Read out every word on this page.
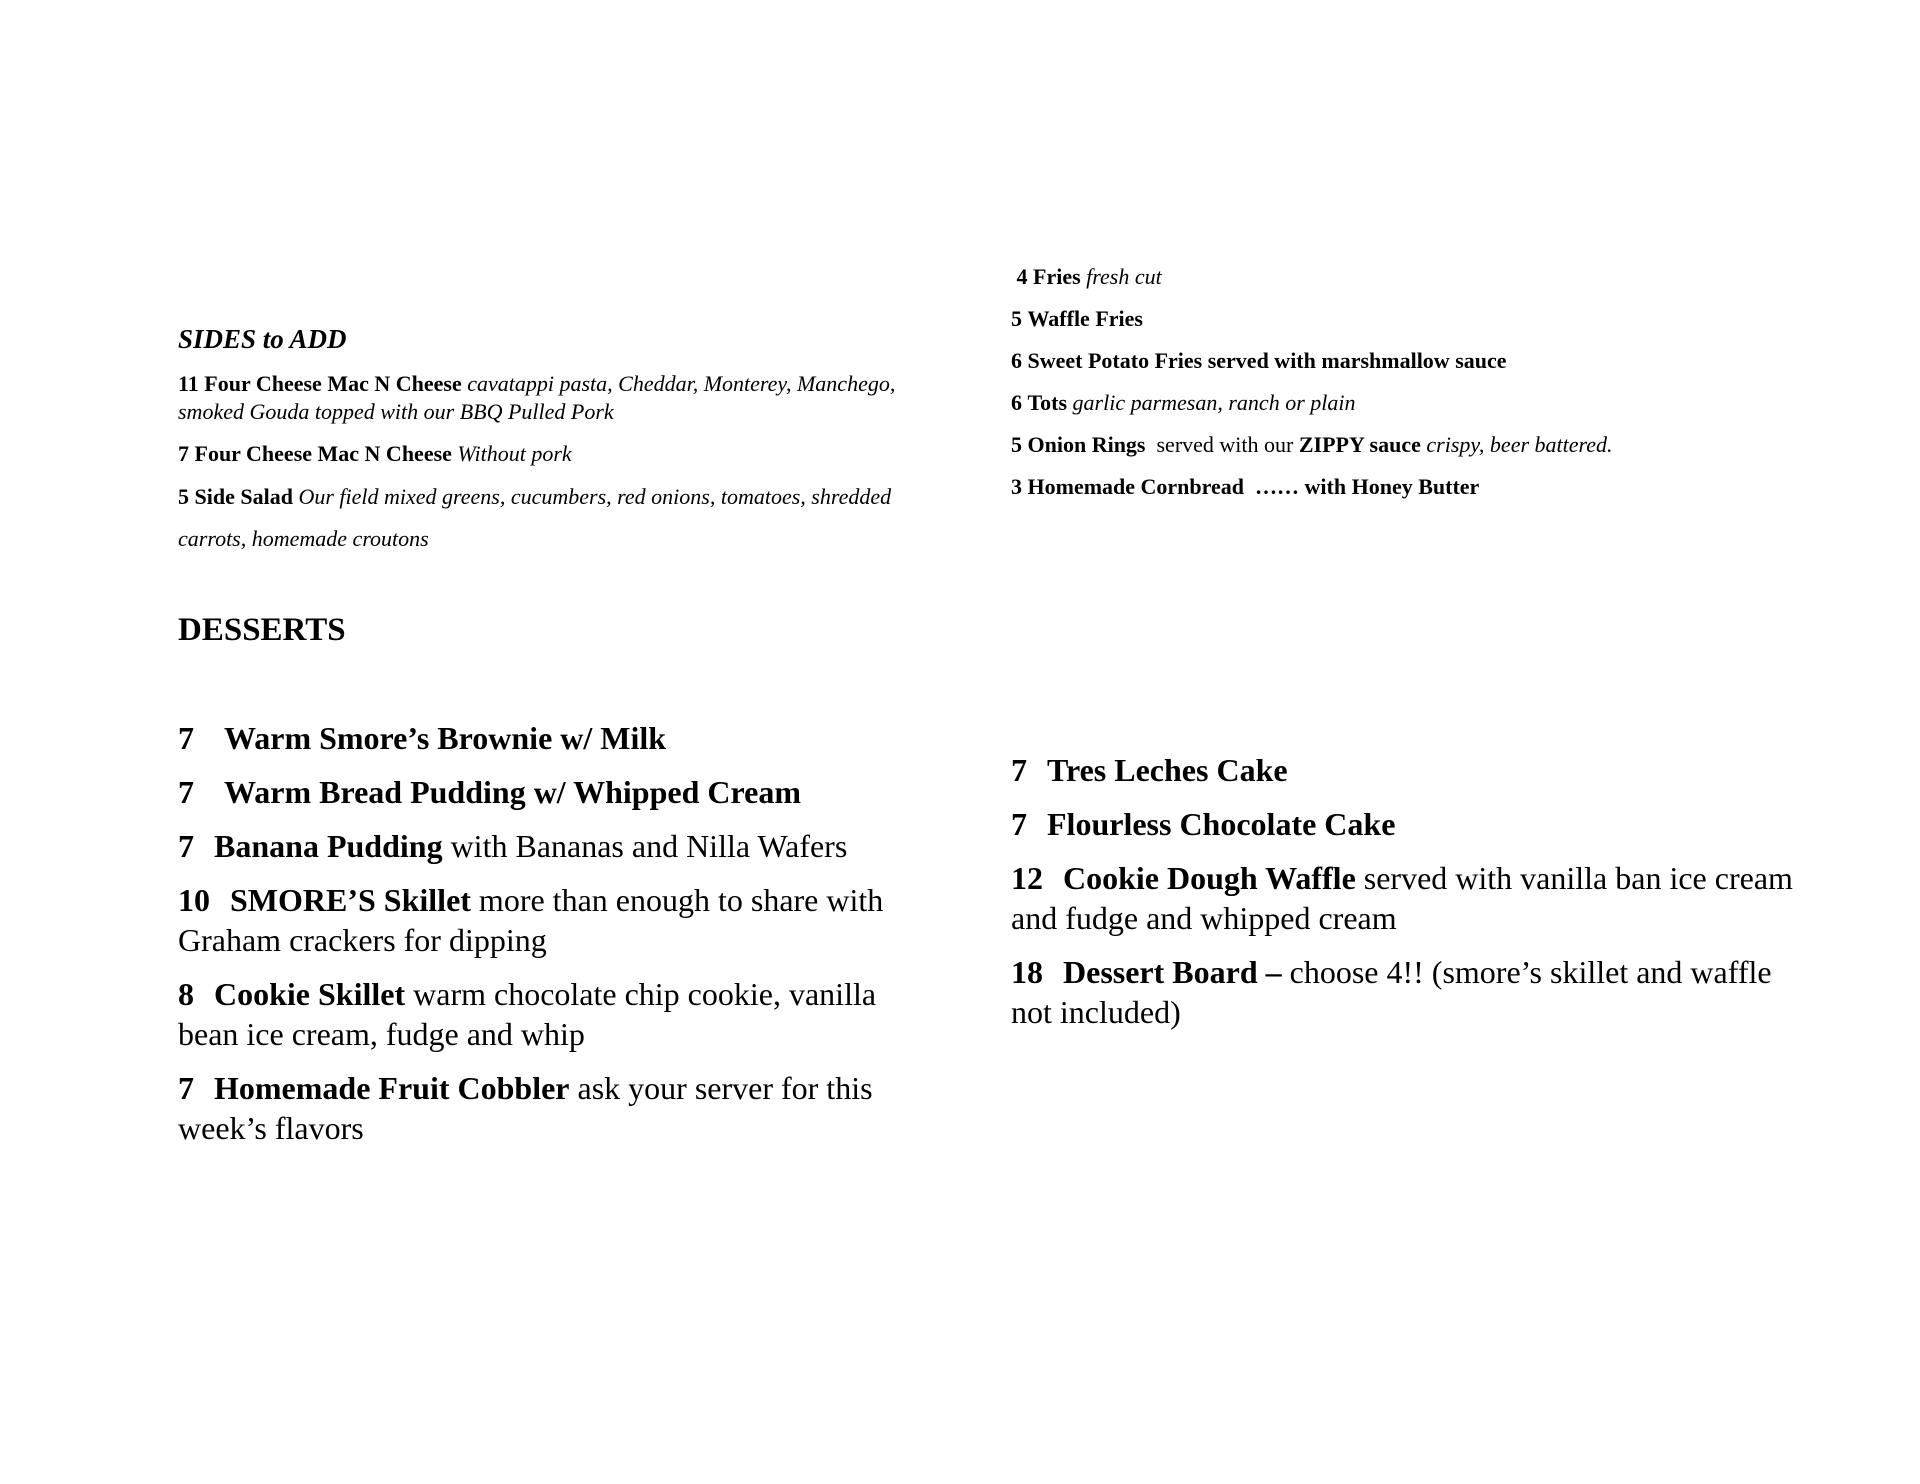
SIDES to ADD

11 Four Cheese Mac N Cheese cavatappi pasta, Cheddar, Monterey, Manchego, smoked Gouda topped with our BBQ Pulled Pork

7 Four Cheese Mac N Cheese Without pork

5 Side Salad Our field mixed greens, cucumbers, red onions, tomatoes, shredded carrots, homemade croutons

4 Fries fresh cut

5 Waffle Fries

6 Sweet Potato Fries served with marshmallow sauce

6 Tots garlic parmesan, ranch or plain

5 Onion Rings served with our ZIPPY sauce crispy, beer battered.

3 Homemade Cornbread …… with Honey Butter

DESSERTS

7 Warm Smore’s Brownie w/ Milk

7 Warm Bread Pudding w/ Whipped Cream

7 Banana Pudding with Bananas and Nilla Wafers

10 SMORE’S Skillet more than enough to share with Graham crackers for dipping

8 Cookie Skillet warm chocolate chip cookie, vanilla bean ice cream, fudge and whip

7 Homemade Fruit Cobbler ask your server for this week’s flavors

7 Tres Leches Cake

7 Flourless Chocolate Cake

12 Cookie Dough Waffle served with vanilla ban ice cream and fudge and whipped cream

18 Dessert Board – choose 4!! (smore’s skillet and waffle not included)
